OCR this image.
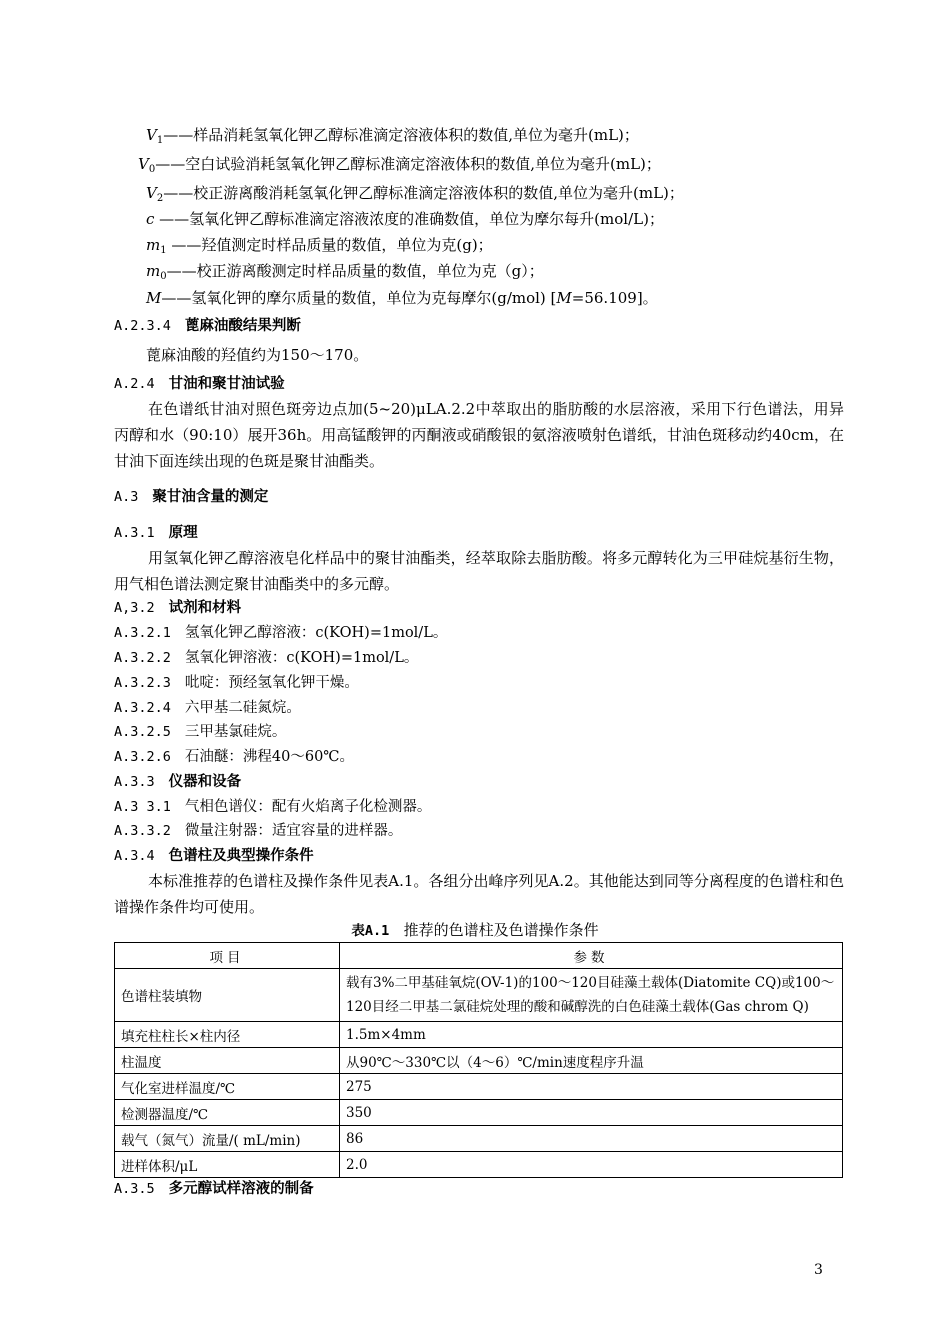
$V_1——$样品消耗氢氧化钾乙醇标准滴定溶液体积的数值,单位为毫升(mL)；
$V_0——$空白试验消耗氢氧化钾乙醇标准滴定溶液体积的数值,单位为毫升(mL)；
$V_2——$校正游离酸消耗氢氧化钾乙醇标准滴定溶液体积的数值,单位为毫升(mL)；
c ——氢氧化钾乙醇标准滴定溶液浓度的准确数值，单位为摩尔每升(mol/L)；
$m_1$ ——羟值测定时样品质量的数值，单位为克(g)；
$m_0——$校正游离酸测定时样品质量的数值，单位为克（g）；
M——氢氧化钾的摩尔质量的数值，单位为克每摩尔(g/mol) [M=56.109]。
A.2.3.4 蓖麻油酸结果判断
蓖麻油酸的羟值约为150～170。
A.2.4 甘油和聚甘油试验
在色谱纸甘油对照色斑旁边点加(5~20)μLA.2.2中萃取出的脂肪酸的水层溶液，采用下行色谱法，用异丙醇和水（90:10）展开36h。用高锰酸钾的丙酮液或硝酸银的氨溶液喷射色谱纸，甘油色斑移动约40cm，在甘油下面连续出现的色斑是聚甘油酯类。
A.3 聚甘油含量的测定
A.3.1 原理
用氢氧化钾乙醇溶液皂化样品中的聚甘油酯类，经萃取除去脂肪酸。将多元醇转化为三甲硅烷基衍生物，用气相色谱法测定聚甘油酯类中的多元醇。
A,3.2 试剂和材料
A.3.2.1 氢氧化钾乙醇溶液：c(KOH)=1mol/L。
A.3.2.2 氢氧化钾溶液：c(KOH)=1mol/L。
A.3.2.3 吡啶：预经氢氧化钾干燥。
A.3.2.4 六甲基二硅氮烷。
A.3.2.5 三甲基氯硅烷。
A.3.2.6 石油醚：沸程40～60℃。
A.3.3 仪器和设备
A.3 3.1 气相色谱仪：配有火焰离子化检测器。
A.3.3.2 微量注射器：适宜容量的进样器。
A.3.4 色谱柱及典型操作条件
本标准推荐的色谱柱及操作条件见表A.1。各组分出峰序列见A.2。其他能达到同等分离程度的色谱柱和色谱操作条件均可使用。
表A.1 推荐的色谱柱及色谱操作条件
项目	参数
色谱柱装填物	载有3%二甲基硅氧烷(OV-1)的100～120目硅藻土载体(Diatomite CQ)或100～120目经二甲基二氯硅烷处理的酸和碱醇洗的白色硅藻土载体(Gas chrom Q)
填充柱柱长×柱内径	1.5m×4mm
柱温度	从90℃～330℃以（4～6）℃/min速度程序升温
气化室进样温度/℃	275
检测器温度/℃	350
载气（氮气）流量/( mL/min)	86
进样体积/μL	2.0
A.3.5 多元醇试样溶液的制备
3
